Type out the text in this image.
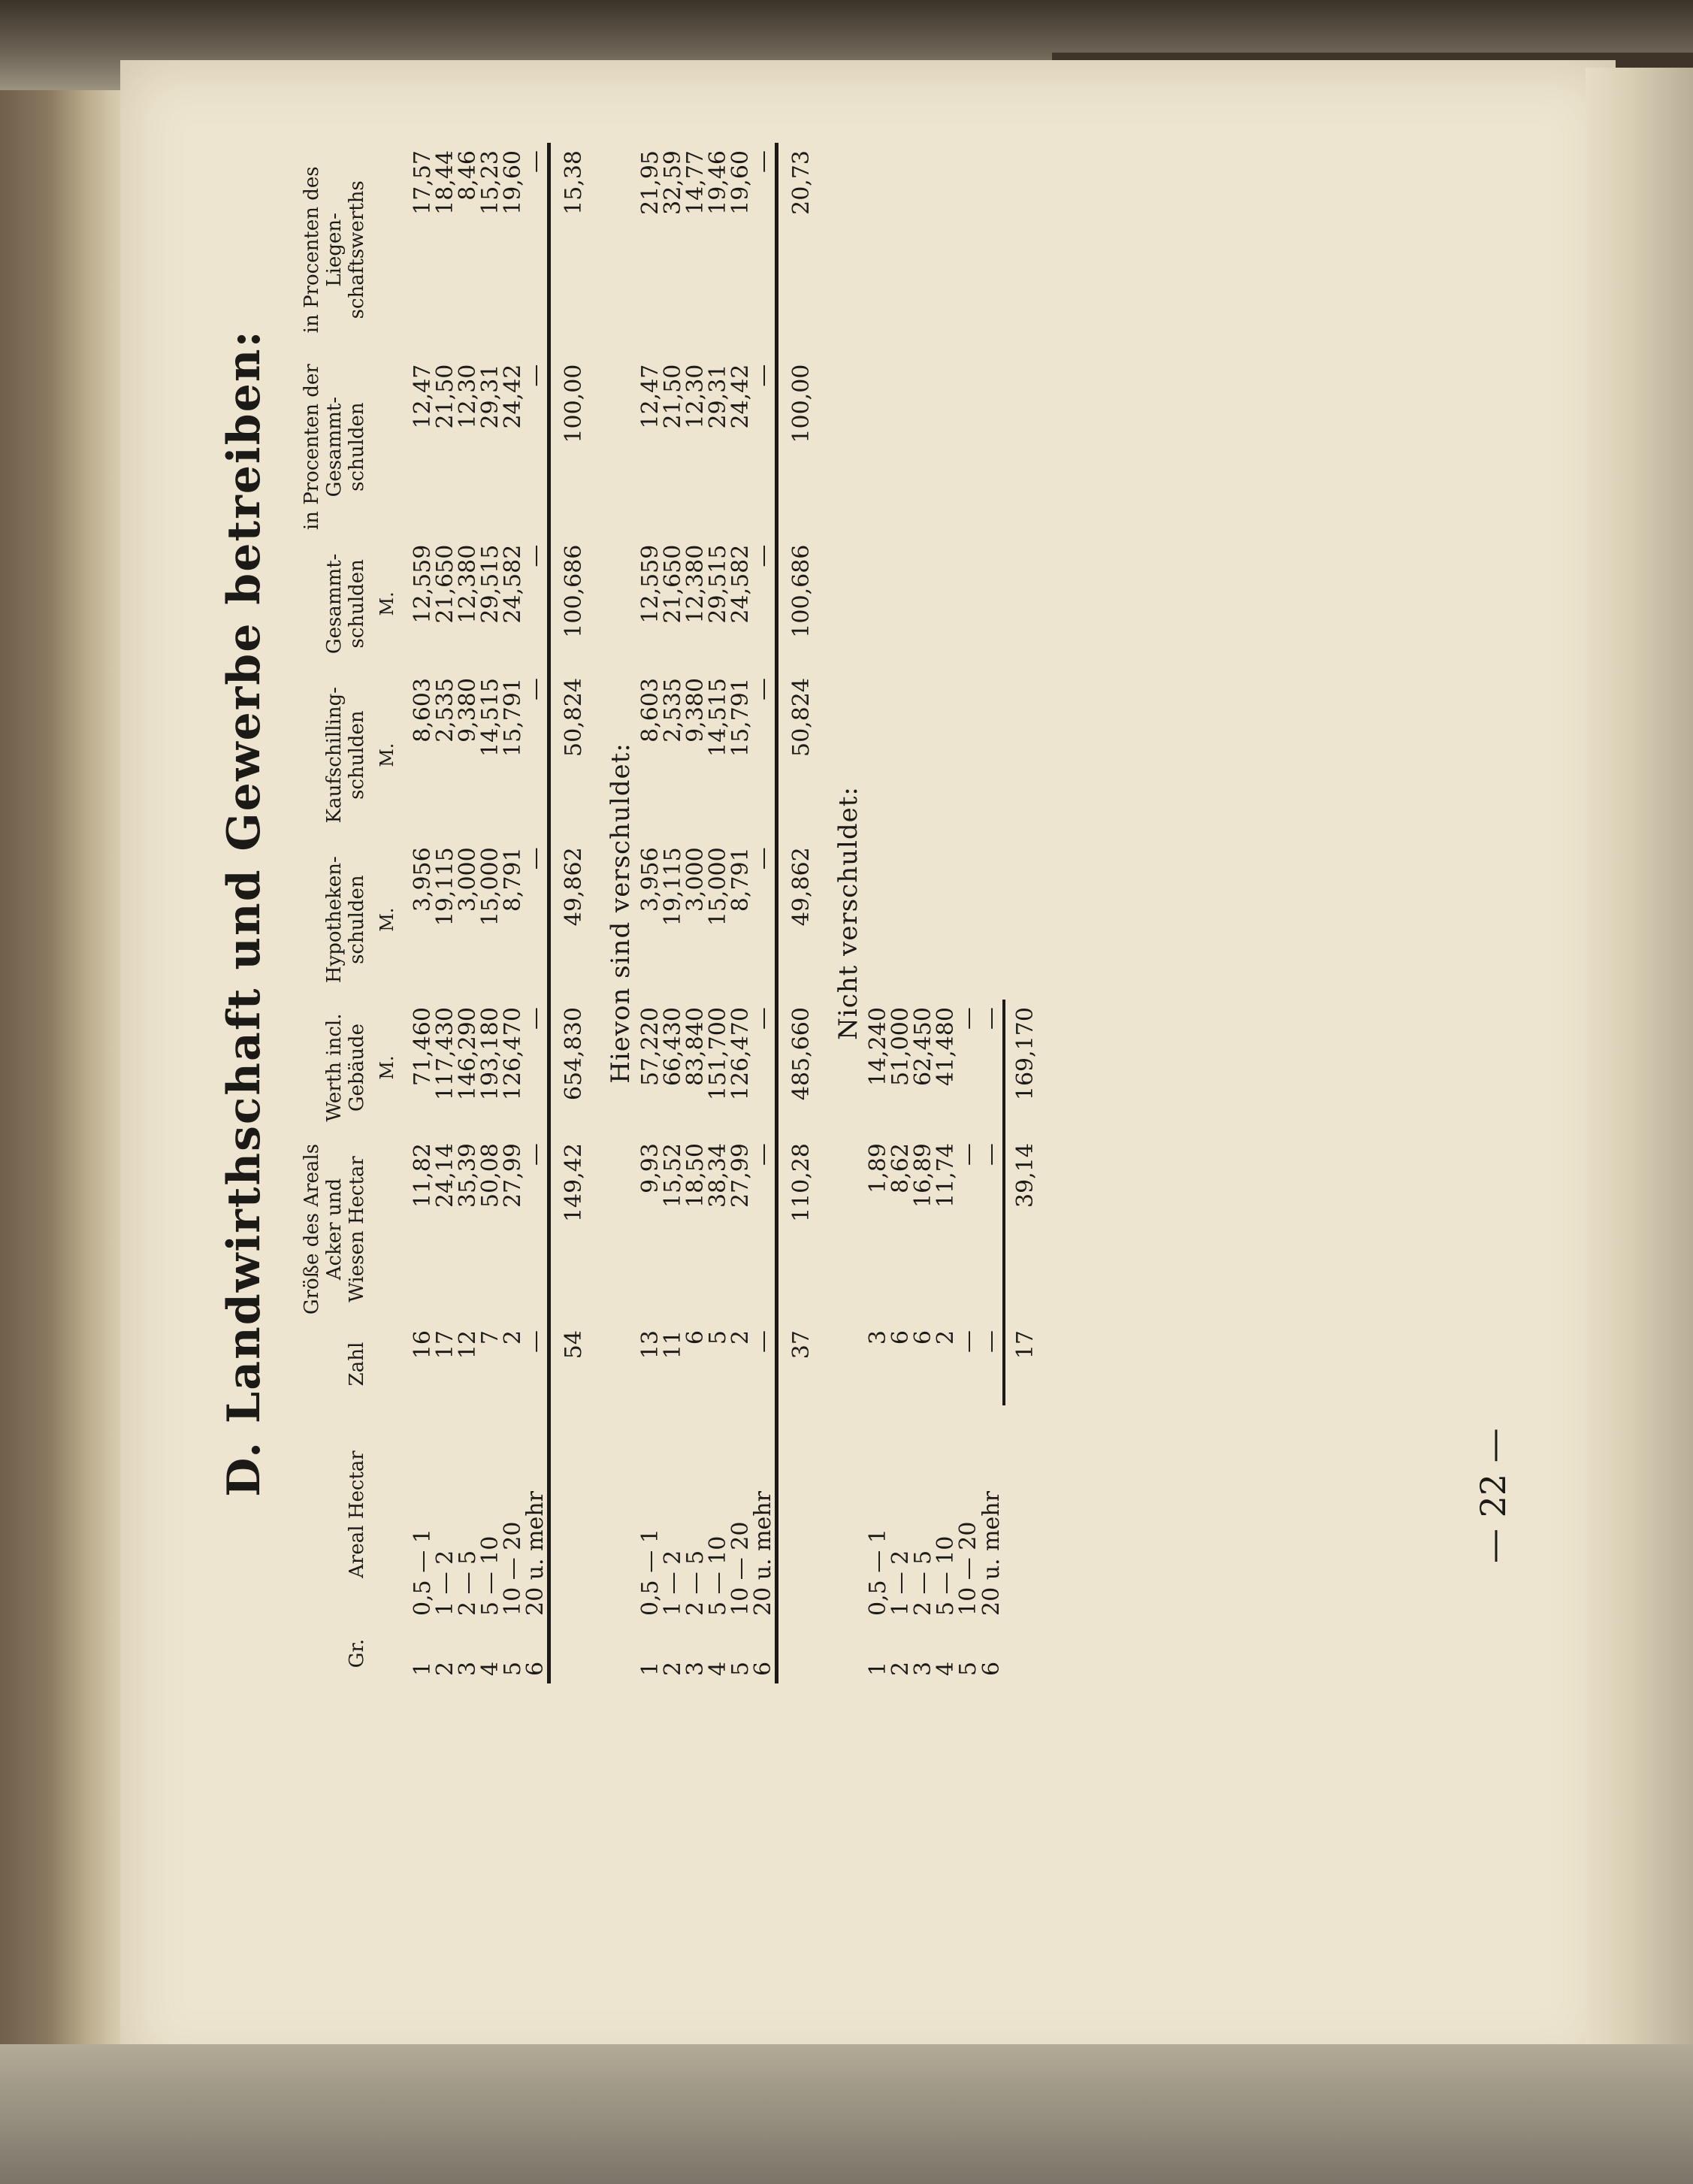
— 22 —
D. Landwirthschaft und Gewerbe betreiben:
Gr.	Areal Hectar	Zahl	Größe des Areals Acker und Wiesen Hectar	Werth incl. Gebäude	Hypotheken-schulden	Kaufschilling-schulden	Gesammt-schulden	in Procenten der Gesammt-schulden	in Procenten des Liegen-schaftswerths
				M.	M.	M.	M.		
1	0,5 — 1	16	11,82	71,460	3,956	8,603	12,559	12,47	17,57
2	1 — 2	17	24,14	117,430	19,115	2,535	21,650	21,50	18,44
3	2 — 5	12	35,39	146,290	3,000	9,380	12,380	12,30	8,46
4	5 — 10	7	50,08	193,180	15,000	14,515	29,515	29,31	15,23
5	10 — 20	2	27,99	126,470	8,791	15,791	24,582	24,42	19,60
6	20 u. mehr	—	—	—	—	—	—	—	—
		54	149,42	654,830	49,862	50,824	100,686	100,00	15,38
Hievon sind verschuldet:									
1	0,5 — 1	13	9,93	57,220	3,956	8,603	12,559	12,47	21,95
2	1 — 2	11	15,52	66,430	19,115	2,535	21,650	21,50	32,59
3	2 — 5	6	18,50	83,840	3,000	9,380	12,380	12,30	14,77
4	5 — 10	5	38,34	151,700	15,000	14,515	29,515	29,31	19,46
5	10 — 20	2	27,99	126,470	8,791	15,791	24,582	24,42	19,60
6	20 u. mehr	—	—	—	—	—	—	—	—
		37	110,28	485,660	49,862	50,824	100,686	100,00	20,73
Nicht verschuldet:									
1	0,5 — 1	3	1,89	14,240					
2	1 — 2	6	8,62	51,000					
3	2 — 5	6	16,89	62,450					
4	5 — 10	2	11,74	41,480					
5	10 — 20	—	—	—					
6	20 u. mehr	—	—	—					
		17	39,14	169,170					
